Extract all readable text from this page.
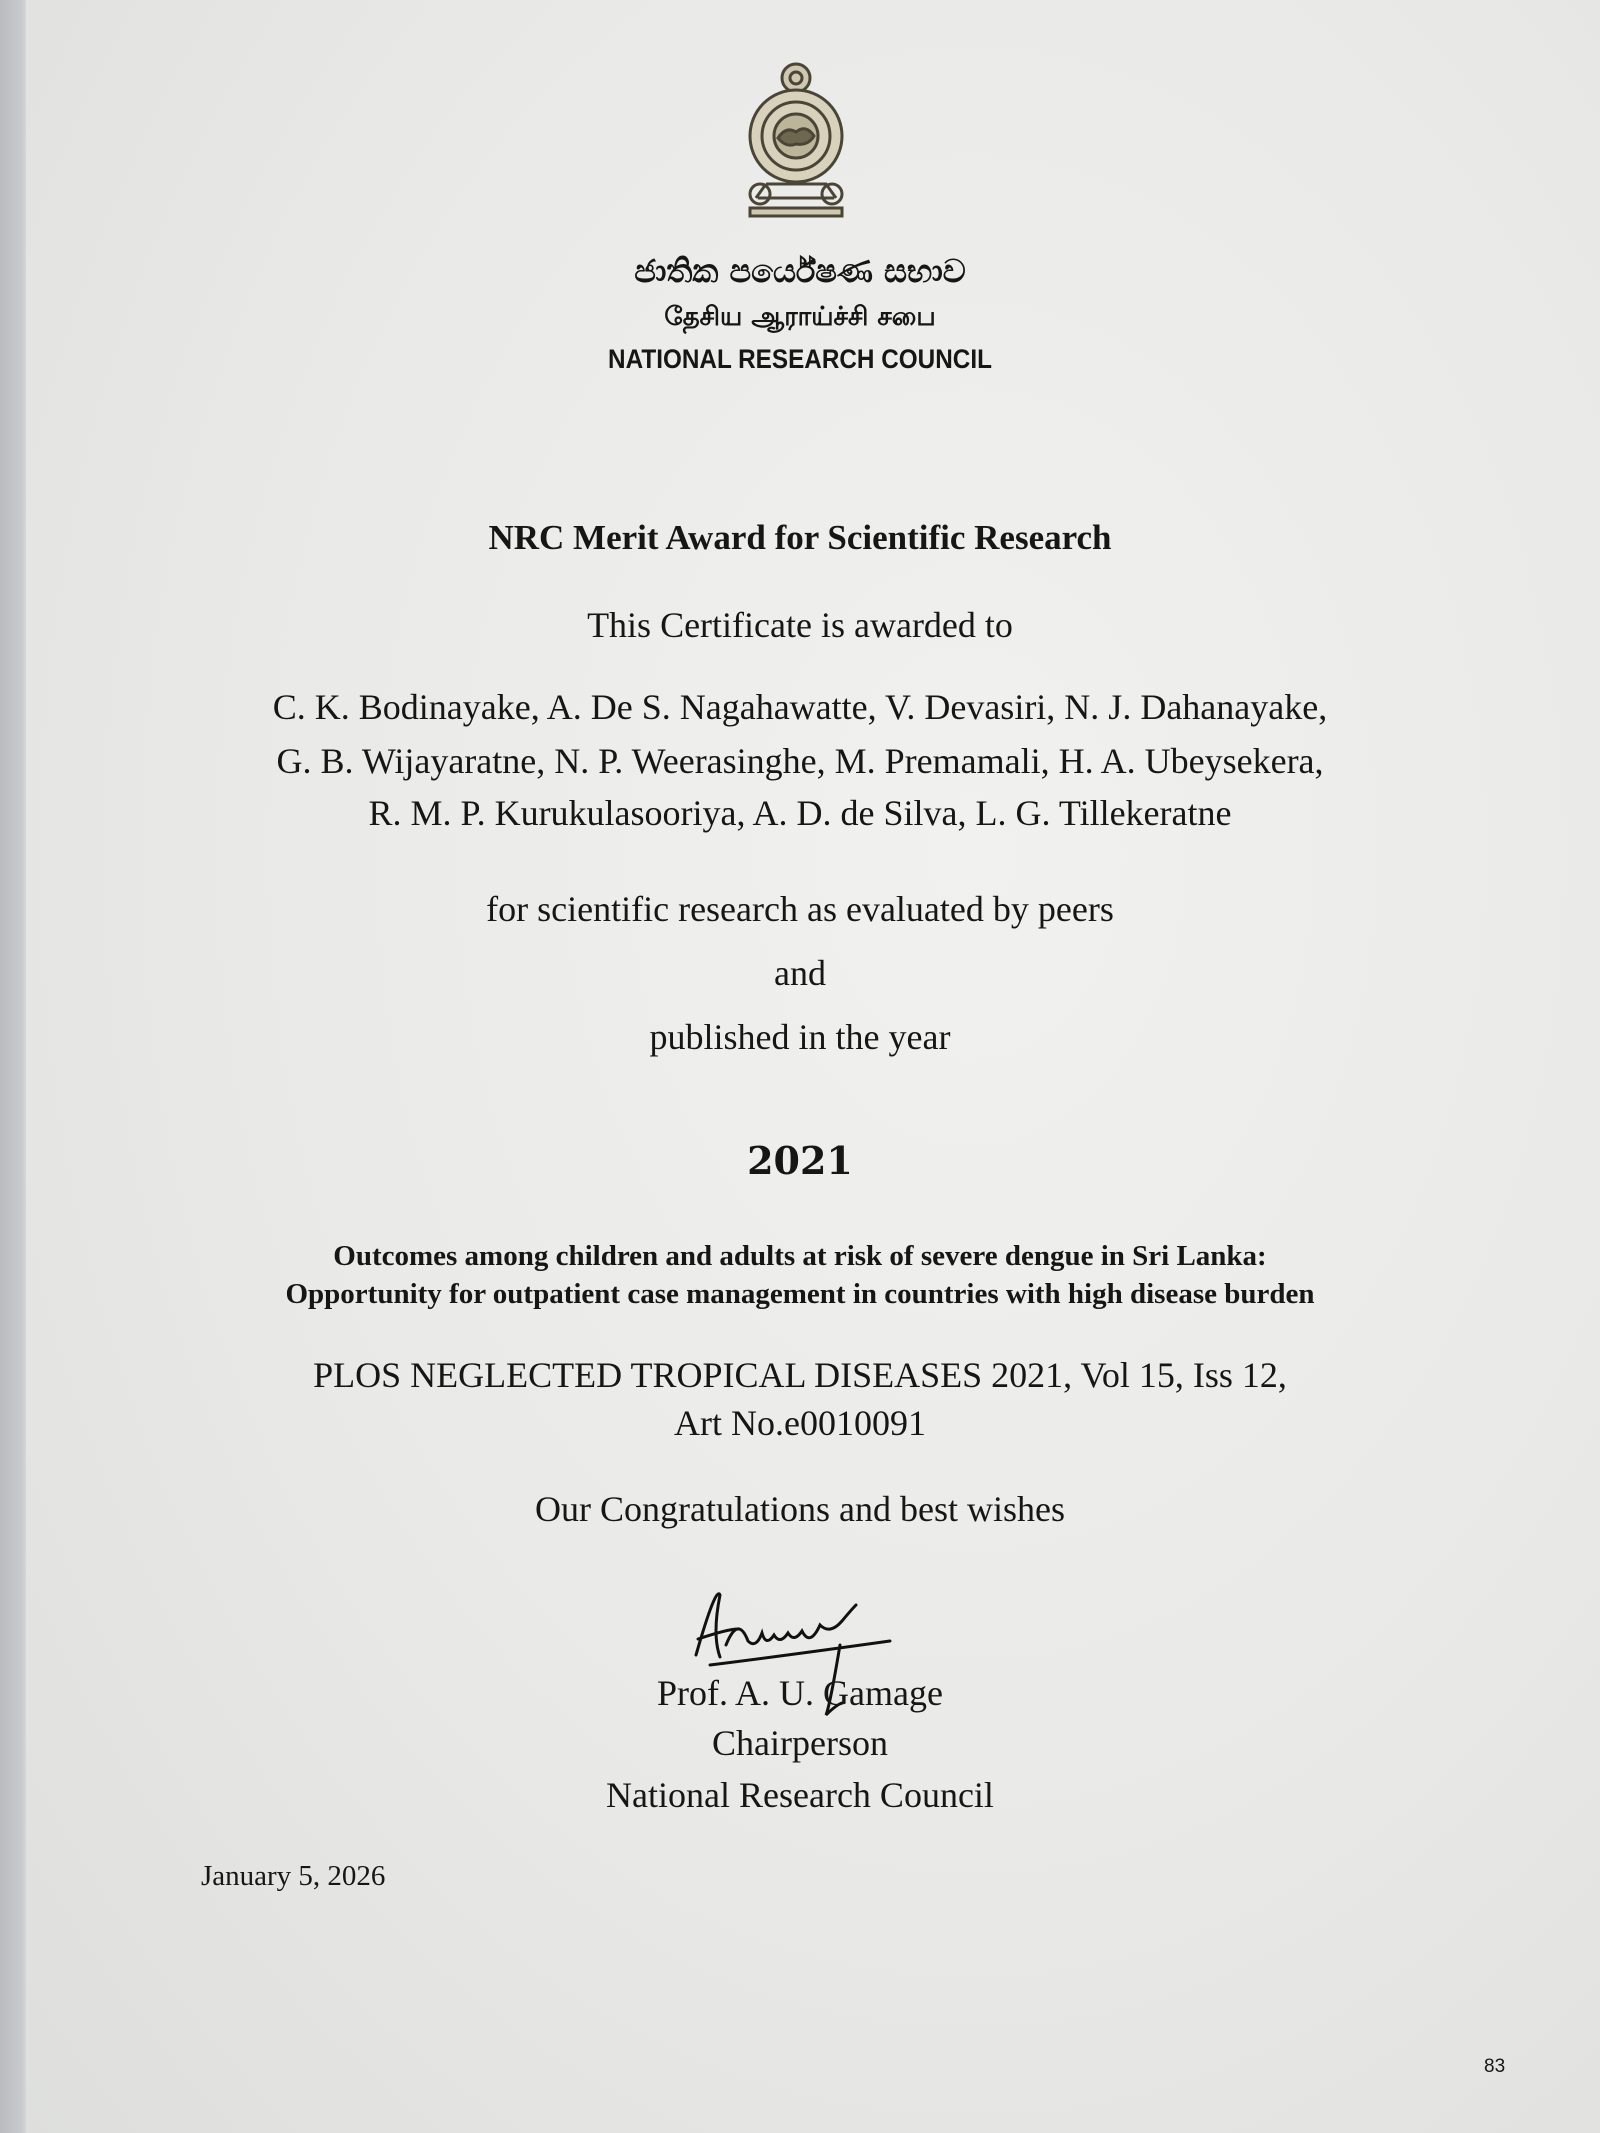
ජාතික පර්යේෂණ සභාව
தேசிய ஆராய்ச்சி சபை
NATIONAL RESEARCH COUNCIL
NRC Merit Award for Scientific Research
This Certificate is awarded to
C. K. Bodinayake, A. De S. Nagahawatte, V. Devasiri, N. J. Dahanayake,
G. B. Wijayaratne, N. P. Weerasinghe, M. Premamali, H. A. Ubeysekera,
R. M. P. Kurukulasooriya, A. D. de Silva, L. G. Tillekeratne
for scientific research as evaluated by peers
and
published in the year
2021
Outcomes among children and adults at risk of severe dengue in Sri Lanka:
Opportunity for outpatient case management in countries with high disease burden
PLOS NEGLECTED TROPICAL DISEASES 2021, Vol 15, Iss 12,
Art No.e0010091
Our Congratulations and best wishes
Prof. A. U. Gamage
Chairperson
National Research Council
January 5, 2026
83
